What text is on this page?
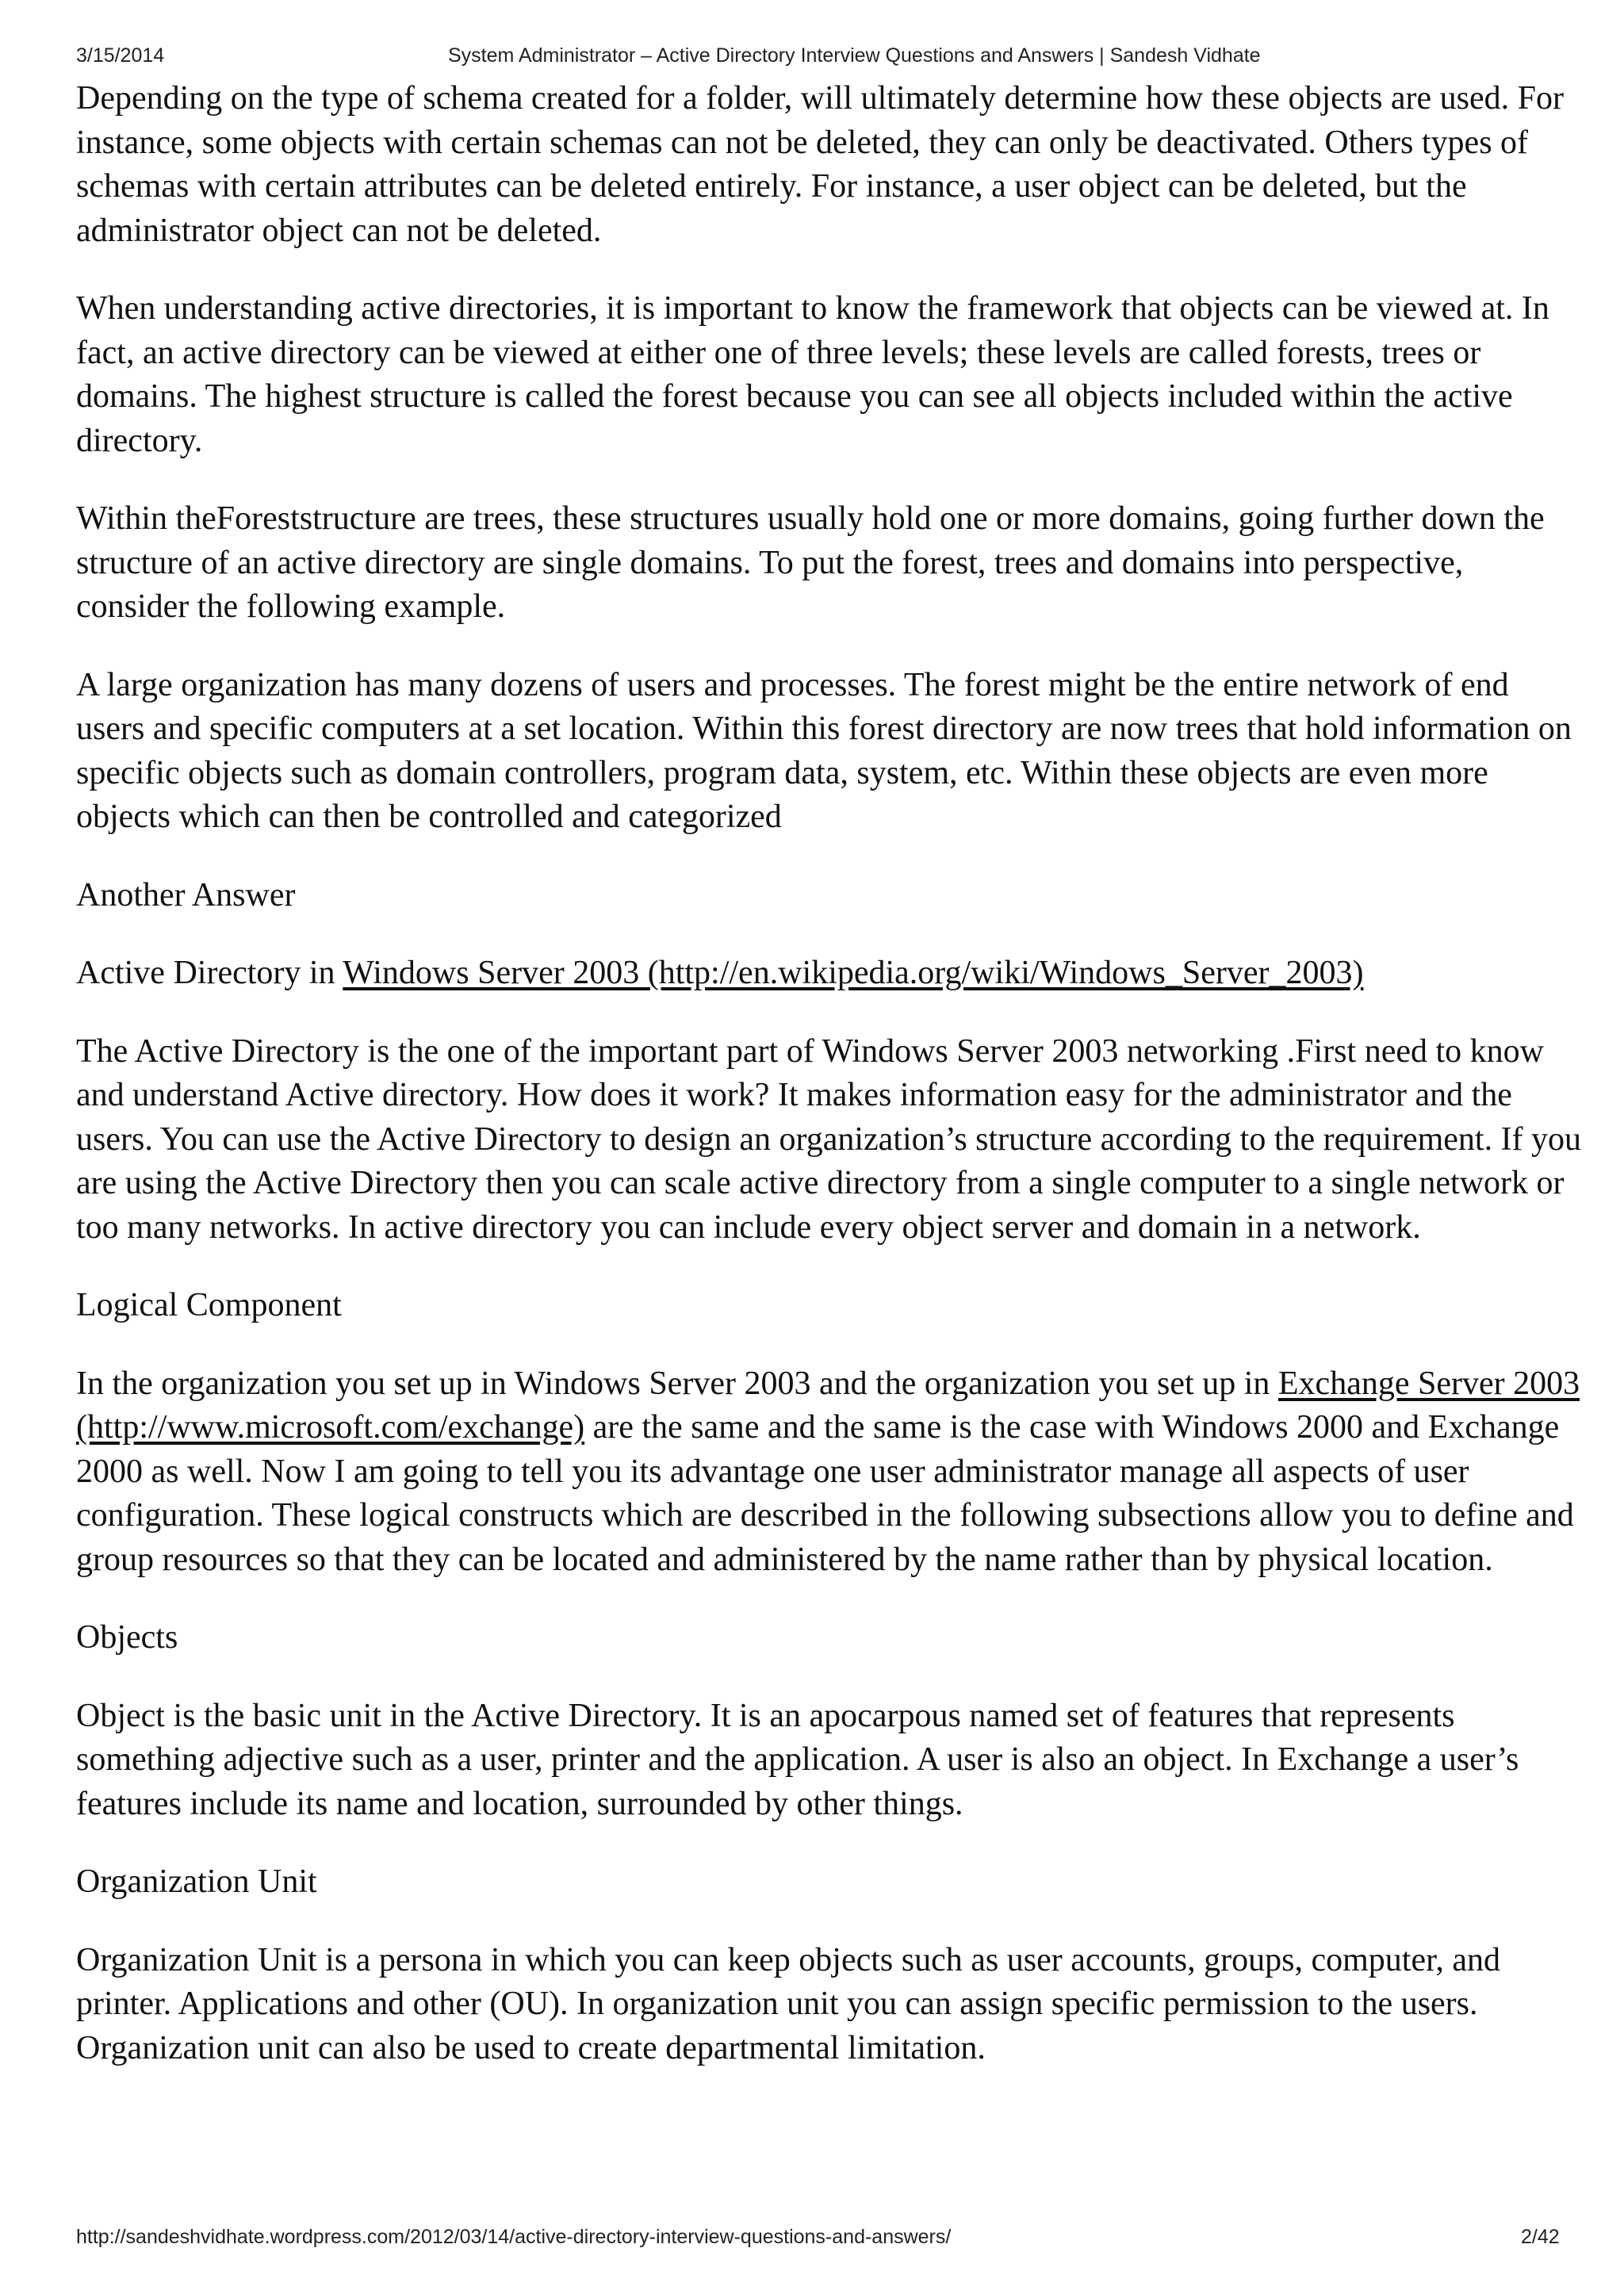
3/15/2014	System Administrator – Active Directory Interview Questions and Answers | Sandesh Vidhate

Depending on the type of schema created for a folder, will ultimately determine how these objects are used. For instance, some objects with certain schemas can not be deleted, they can only be deactivated. Others types of schemas with certain attributes can be deleted entirely. For instance, a user object can be deleted, but the administrator object can not be deleted.

When understanding active directories, it is important to know the framework that objects can be viewed at. In fact, an active directory can be viewed at either one of three levels; these levels are called forests, trees or domains. The highest structure is called the forest because you can see all objects included within the active directory.

Within theForeststructure are trees, these structures usually hold one or more domains, going further down the structure of an active directory are single domains. To put the forest, trees and domains into perspective, consider the following example.

A large organization has many dozens of users and processes. The forest might be the entire network of end users and specific computers at a set location. Within this forest directory are now trees that hold information on specific objects such as domain controllers, program data, system, etc. Within these objects are even more objects which can then be controlled and categorized

Another Answer

Active Directory in Windows Server 2003 (http://en.wikipedia.org/wiki/Windows_Server_2003)

The Active Directory is the one of the important part of Windows Server 2003 networking .First need to know and understand Active directory. How does it work? It makes information easy for the administrator and the users. You can use the Active Directory to design an organization’s structure according to the requirement. If you are using the Active Directory then you can scale active directory from a single computer to a single network or too many networks. In active directory you can include every object server and domain in a network.

Logical Component

In the organization you set up in Windows Server 2003 and the organization you set up in Exchange Server 2003 (http://www.microsoft.com/exchange) are the same and the same is the case with Windows 2000 and Exchange 2000 as well. Now I am going to tell you its advantage one user administrator manage all aspects of user configuration. These logical constructs which are described in the following subsections allow you to define and group resources so that they can be located and administered by the name rather than by physical location.

Objects

Object is the basic unit in the Active Directory. It is an apocarpous named set of features that represents something adjective such as a user, printer and the application. A user is also an object. In Exchange a user’s features include its name and location, surrounded by other things.

Organization Unit

Organization Unit is a persona in which you can keep objects such as user accounts, groups, computer, and printer. Applications and other (OU). In organization unit you can assign specific permission to the users. Organization unit can also be used to create departmental limitation.

http://sandeshvidhate.wordpress.com/2012/03/14/active-directory-interview-questions-and-answers/	2/42
